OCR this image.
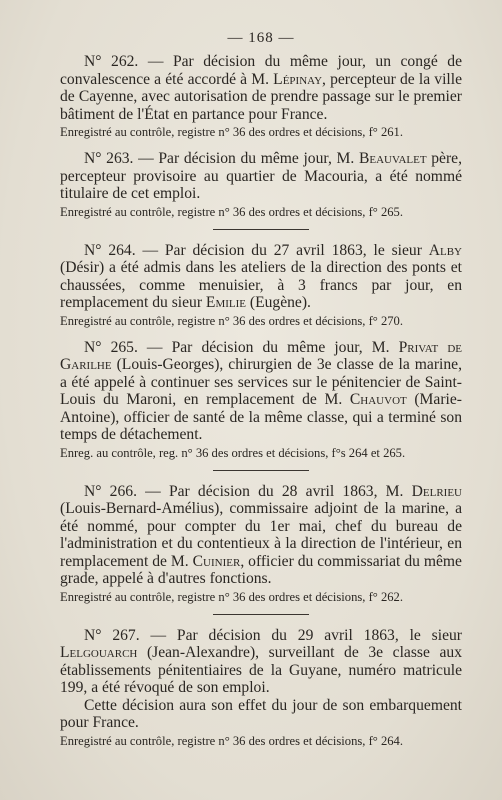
— 168 —

N° 262. — Par décision du même jour, un congé de convalescence a été accordé à M. Lépinay, percepteur de la ville de Cayenne, avec autorisation de prendre passage sur le premier bâtiment de l'État en partance pour France.

Enregistré au contrôle, registre n° 36 des ordres et décisions, f° 261.

N° 263. — Par décision du même jour, M. Beauvalet père, percepteur provisoire au quartier de Macouria, a été nommé titulaire de cet emploi.

Enregistré au contrôle, registre n° 36 des ordres et décisions, f° 265.

N° 264. — Par décision du 27 avril 1863, le sieur Alby (Désir) a été admis dans les ateliers de la direction des ponts et chaussées, comme menuisier, à 3 francs par jour, en remplacement du sieur Emilie (Eugène).

Enregistré au contrôle, registre n° 36 des ordres et décisions, f° 270.

N° 265. — Par décision du même jour, M. Privat de Garilhe (Louis-Georges), chirurgien de 3e classe de la marine, a été appelé à continuer ses services sur le pénitencier de Saint-Louis du Maroni, en remplacement de M. Chauvot (Marie-Antoine), officier de santé de la même classe, qui a terminé son temps de détachement.

Enreg. au contrôle, reg. n° 36 des ordres et décisions, f°s 264 et 265.

N° 266. — Par décision du 28 avril 1863, M. Delrieu (Louis-Bernard-Amélius), commissaire adjoint de la marine, a été nommé, pour compter du 1er mai, chef du bureau de l'administration et du contentieux à la direction de l'intérieur, en remplacement de M. Cuinier, officier du commissariat du même grade, appelé à d'autres fonctions.

Enregistré au contrôle, registre n° 36 des ordres et décisions, f° 262.

N° 267. — Par décision du 29 avril 1863, le sieur Lelgouarch (Jean-Alexandre), surveillant de 3e classe aux établissements pénitentiaires de la Guyane, numéro matricule 199, a été révoqué de son emploi.

Cette décision aura son effet du jour de son embarquement pour France.

Enregistré au contrôle, registre n° 36 des ordres et décisions, f° 264.
